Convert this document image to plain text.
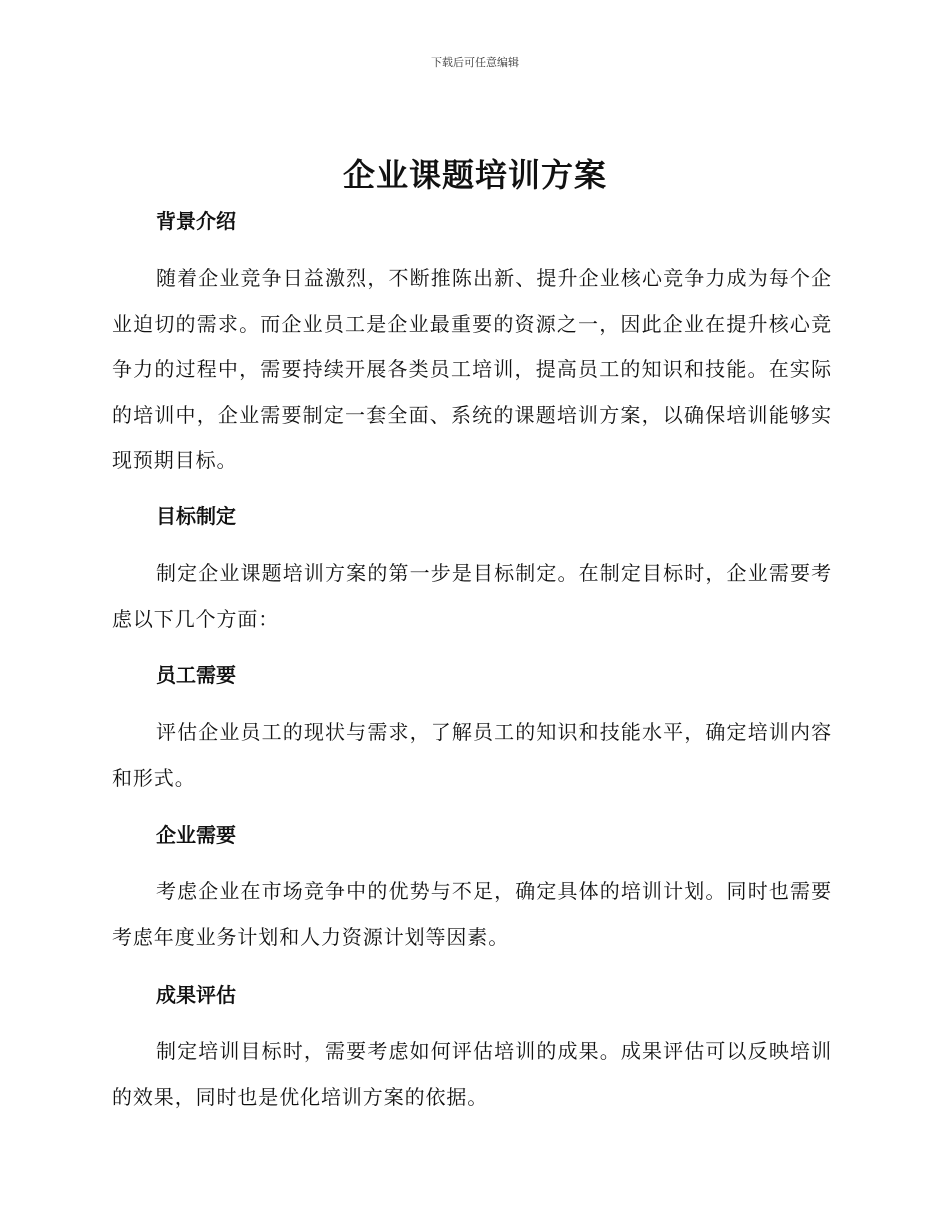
下载后可任意编辑
企业课题培训方案
背景介绍

随着企业竞争日益激烈，不断推陈出新、提升企业核心竞争力成为每个企业迫切的需求。而企业员工是企业最重要的资源之一，因此企业在提升核心竞争力的过程中，需要持续开展各类员工培训，提高员工的知识和技能。在实际的培训中，企业需要制定一套全面、系统的课题培训方案，以确保培训能够实现预期目标。

目标制定

制定企业课题培训方案的第一步是目标制定。在制定目标时，企业需要考虑以下几个方面：

员工需要

评估企业员工的现状与需求，了解员工的知识和技能水平，确定培训内容和形式。

企业需要

考虑企业在市场竞争中的优势与不足，确定具体的培训计划。同时也需要考虑年度业务计划和人力资源计划等因素。

成果评估

制定培训目标时，需要考虑如何评估培训的成果。成果评估可以反映培训的效果，同时也是优化培训方案的依据。
